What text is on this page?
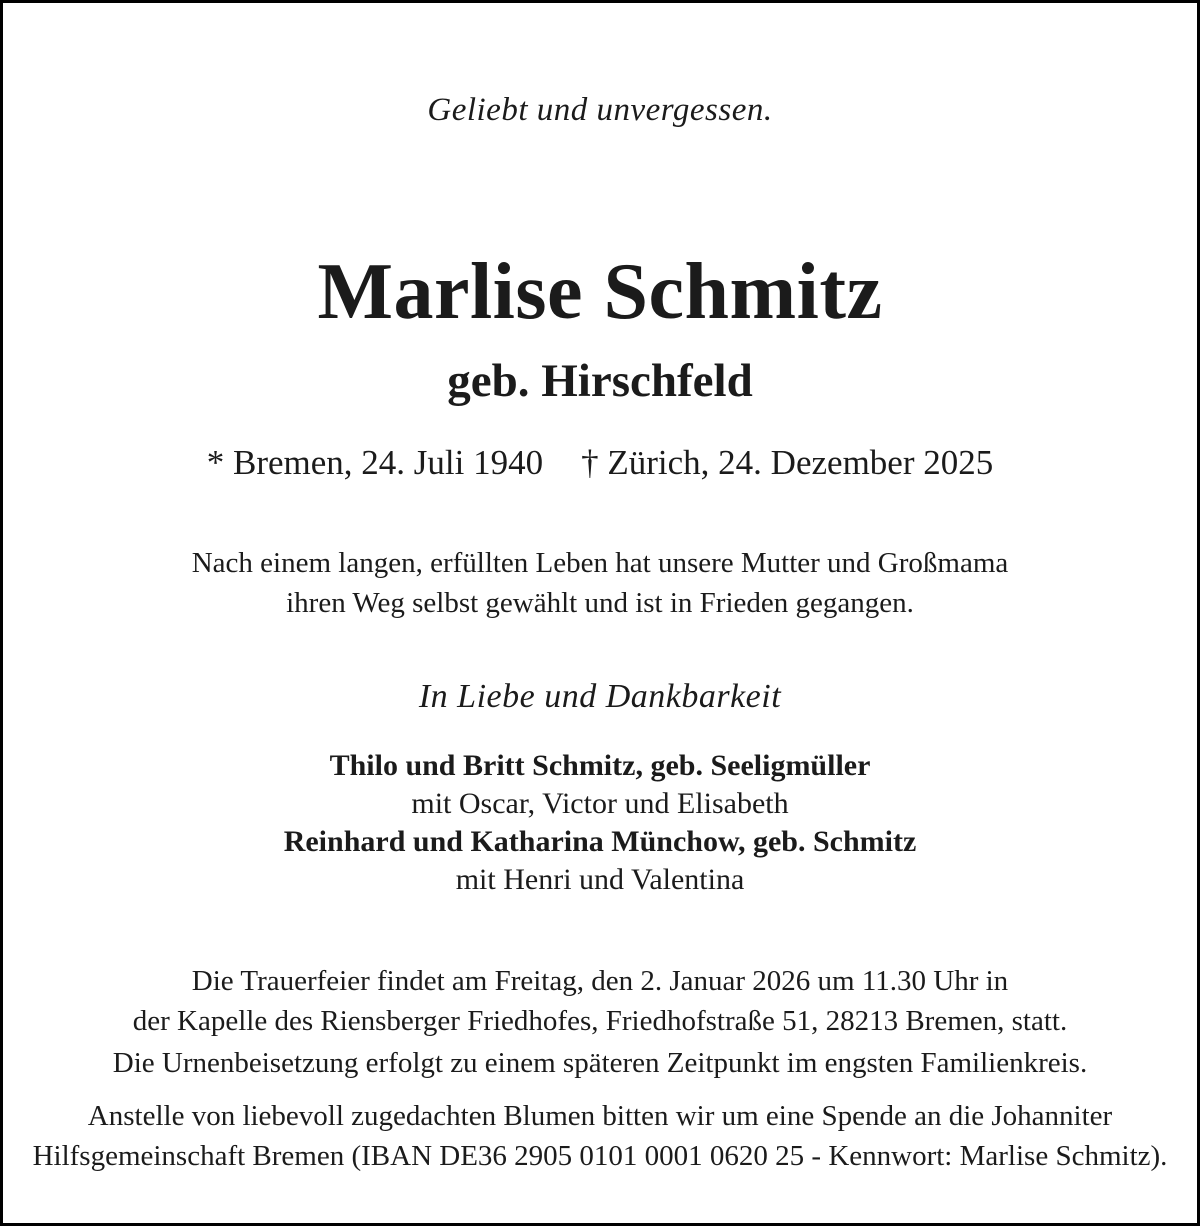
Geliebt und unvergessen.
Marlise Schmitz
geb. Hirschfeld
* Bremen, 24. Juli 1940 † Zürich, 24. Dezember 2025
Nach einem langen, erfüllten Leben hat unsere Mutter und Großmama
ihren Weg selbst gewählt und ist in Frieden gegangen.
In Liebe und Dankbarkeit
Thilo und Britt Schmitz, geb. Seeligmüller
mit Oscar, Victor und Elisabeth
Reinhard und Katharina Münchow, geb. Schmitz
mit Henri und Valentina
Die Trauerfeier findet am Freitag, den 2. Januar 2026 um 11.30 Uhr in
der Kapelle des Riensberger Friedhofes, Friedhofstraße 51, 28213 Bremen, statt.
Die Urnenbeisetzung erfolgt zu einem späteren Zeitpunkt im engsten Familienkreis.
Anstelle von liebevoll zugedachten Blumen bitten wir um eine Spende an die Johanniter
Hilfsgemeinschaft Bremen (IBAN DE36 2905 0101 0001 0620 25 - Kennwort: Marlise Schmitz).
